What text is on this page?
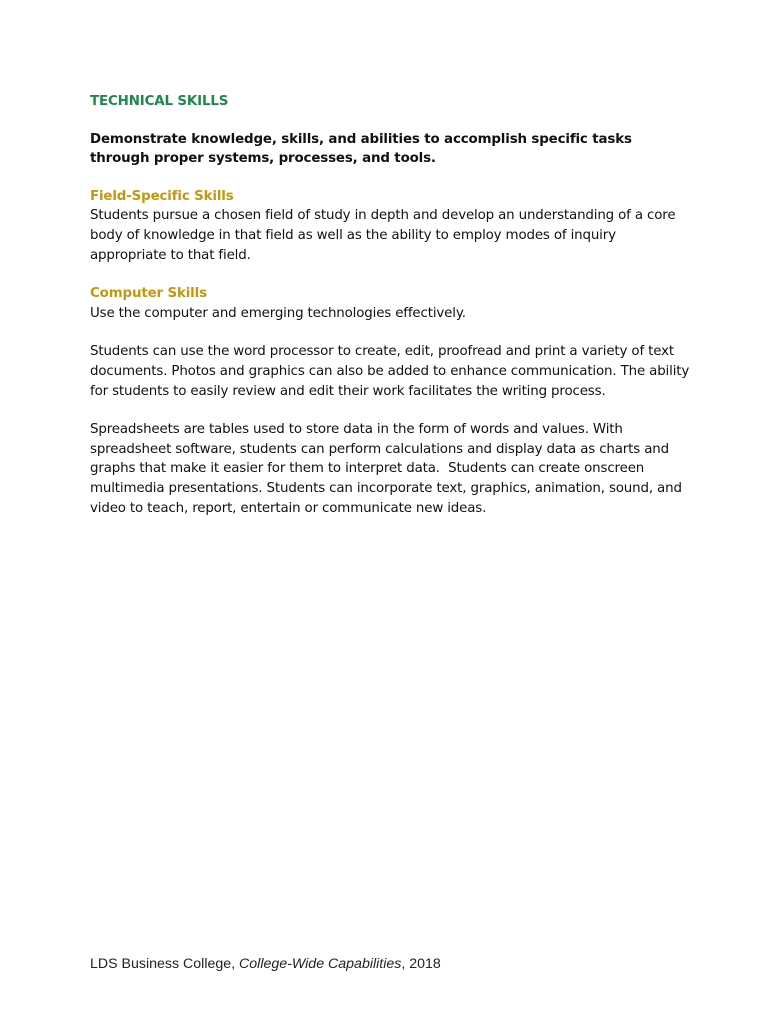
TECHNICAL SKILLS

Demonstrate knowledge, skills, and abilities to accomplish specific tasks through proper systems, processes, and tools.

Field-Specific Skills

Students pursue a chosen field of study in depth and develop an understanding of a core body of knowledge in that field as well as the ability to employ modes of inquiry appropriate to that field.

Computer Skills

Use the computer and emerging technologies effectively.

Students can use the word processor to create, edit, proofread and print a variety of text documents. Photos and graphics can also be added to enhance communication. The ability for students to easily review and edit their work facilitates the writing process.

Spreadsheets are tables used to store data in the form of words and values. With spreadsheet software, students can perform calculations and display data as charts and graphs that make it easier for them to interpret data.  Students can create onscreen multimedia presentations. Students can incorporate text, graphics, animation, sound, and video to teach, report, entertain or communicate new ideas.

LDS Business College, College-Wide Capabilities, 2018
